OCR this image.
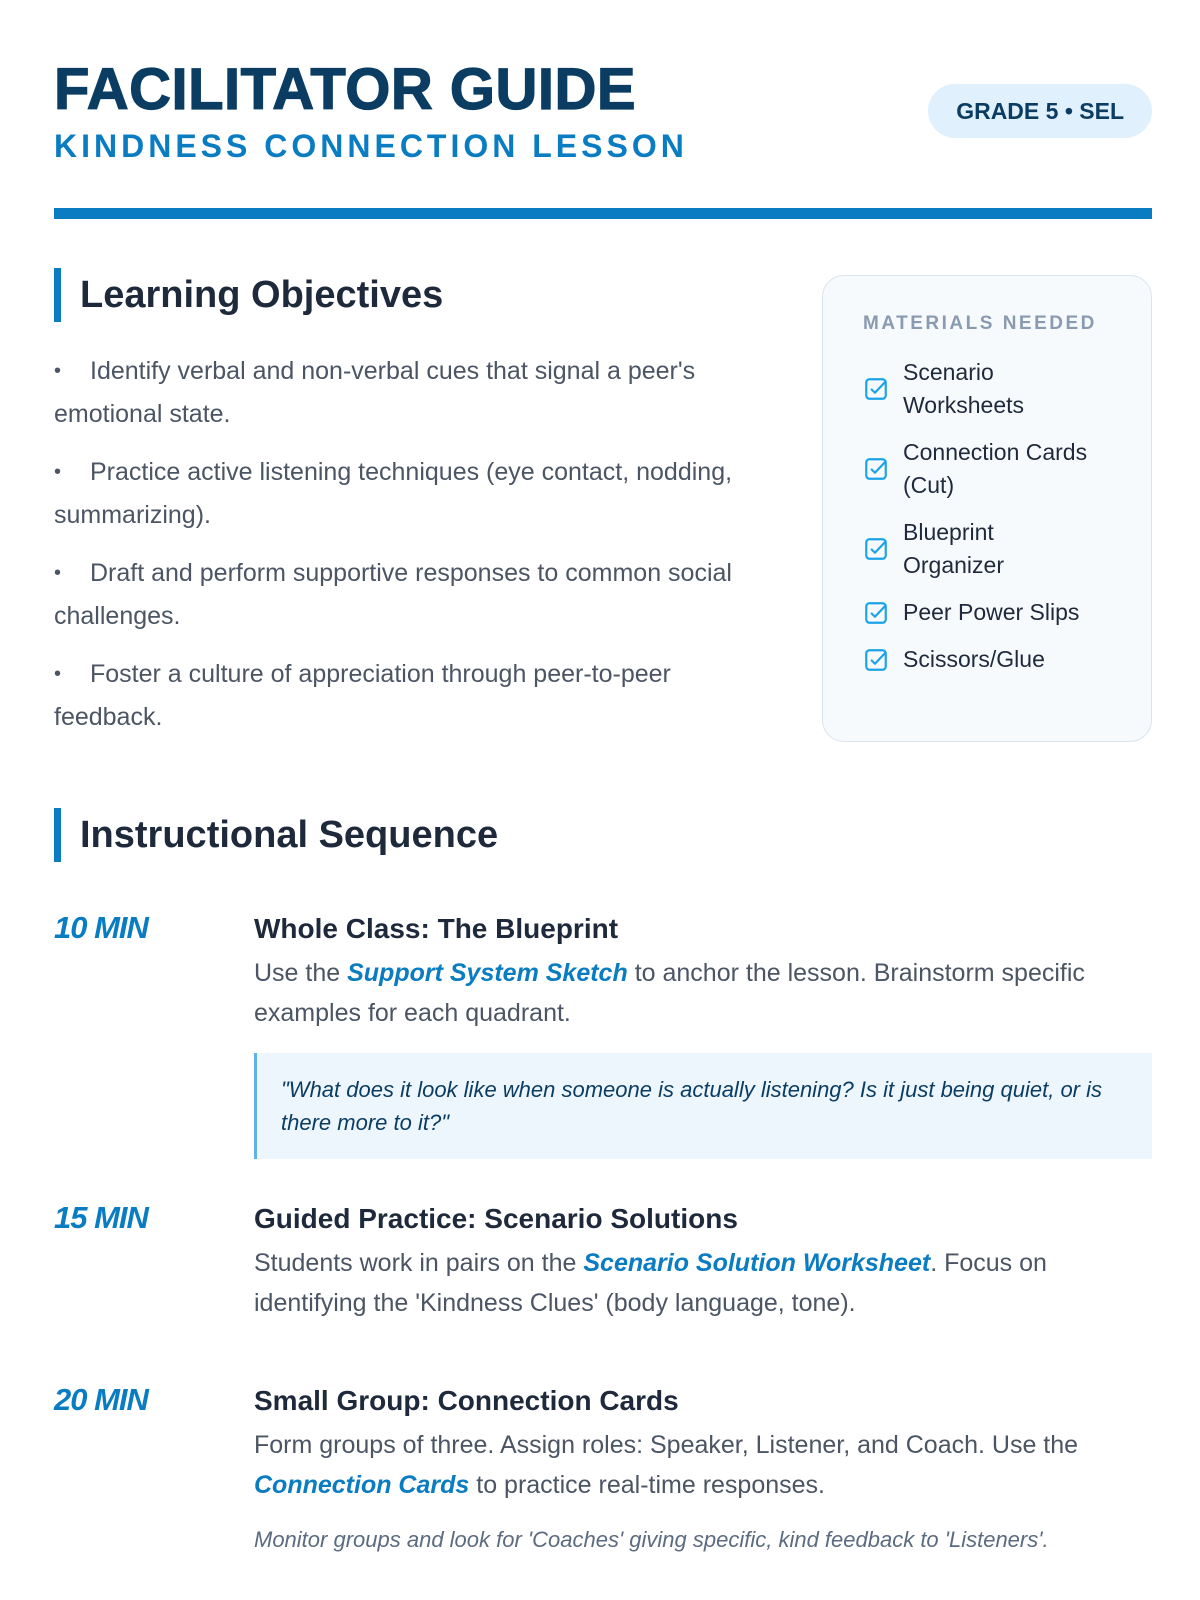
FACILITATOR GUIDE
KINDNESS CONNECTION LESSON
GRADE 5 • SEL
Learning Objectives
• Identify verbal and non-verbal cues that signal a peer's emotional state.
• Practice active listening techniques (eye contact, nodding, summarizing).
• Draft and perform supportive responses to common social challenges.
• Foster a culture of appreciation through peer-to-peer feedback.
MATERIALS NEEDED
Scenario Worksheets
Connection Cards (Cut)
Blueprint Organizer
Peer Power Slips
Scissors/Glue
Instructional Sequence
10 MIN	Whole Class: The Blueprint
Use the Support System Sketch to anchor the lesson. Brainstorm specific examples for each quadrant.
"What does it look like when someone is actually listening? Is it just being quiet, or is there more to it?"
15 MIN	Guided Practice: Scenario Solutions
Students work in pairs on the Scenario Solution Worksheet. Focus on identifying the 'Kindness Clues' (body language, tone).
20 MIN	Small Group: Connection Cards
Form groups of three. Assign roles: Speaker, Listener, and Coach. Use the Connection Cards to practice real-time responses.
Monitor groups and look for 'Coaches' giving specific, kind feedback to 'Listeners'.
